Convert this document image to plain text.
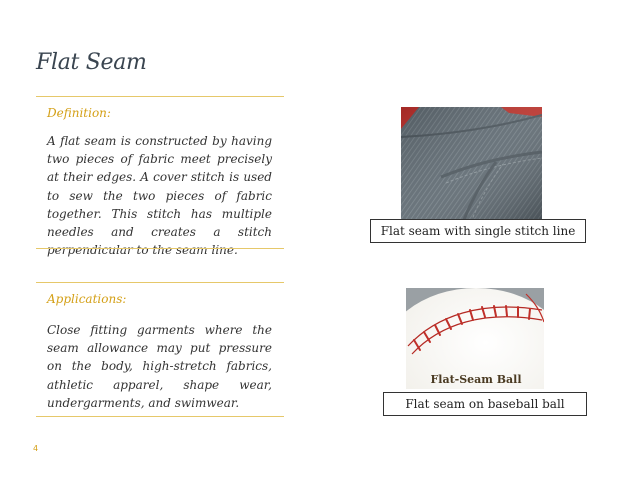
Flat Seam
Definition:
A flat seam is constructed by having two pieces of fabric meet precisely at their edges. A cover stitch is used to sew the two pieces of fabric together. This stitch has multiple needles and creates a stitch perpendicular to the seam line.
Applications:
Close fitting garments where the seam allowance may put pressure on the body, high-stretch fabrics, athletic apparel, shape wear, undergarments, and swimwear.
Flat seam with single stitch line
Flat-Seam Ball
Flat seam on baseball ball
4
